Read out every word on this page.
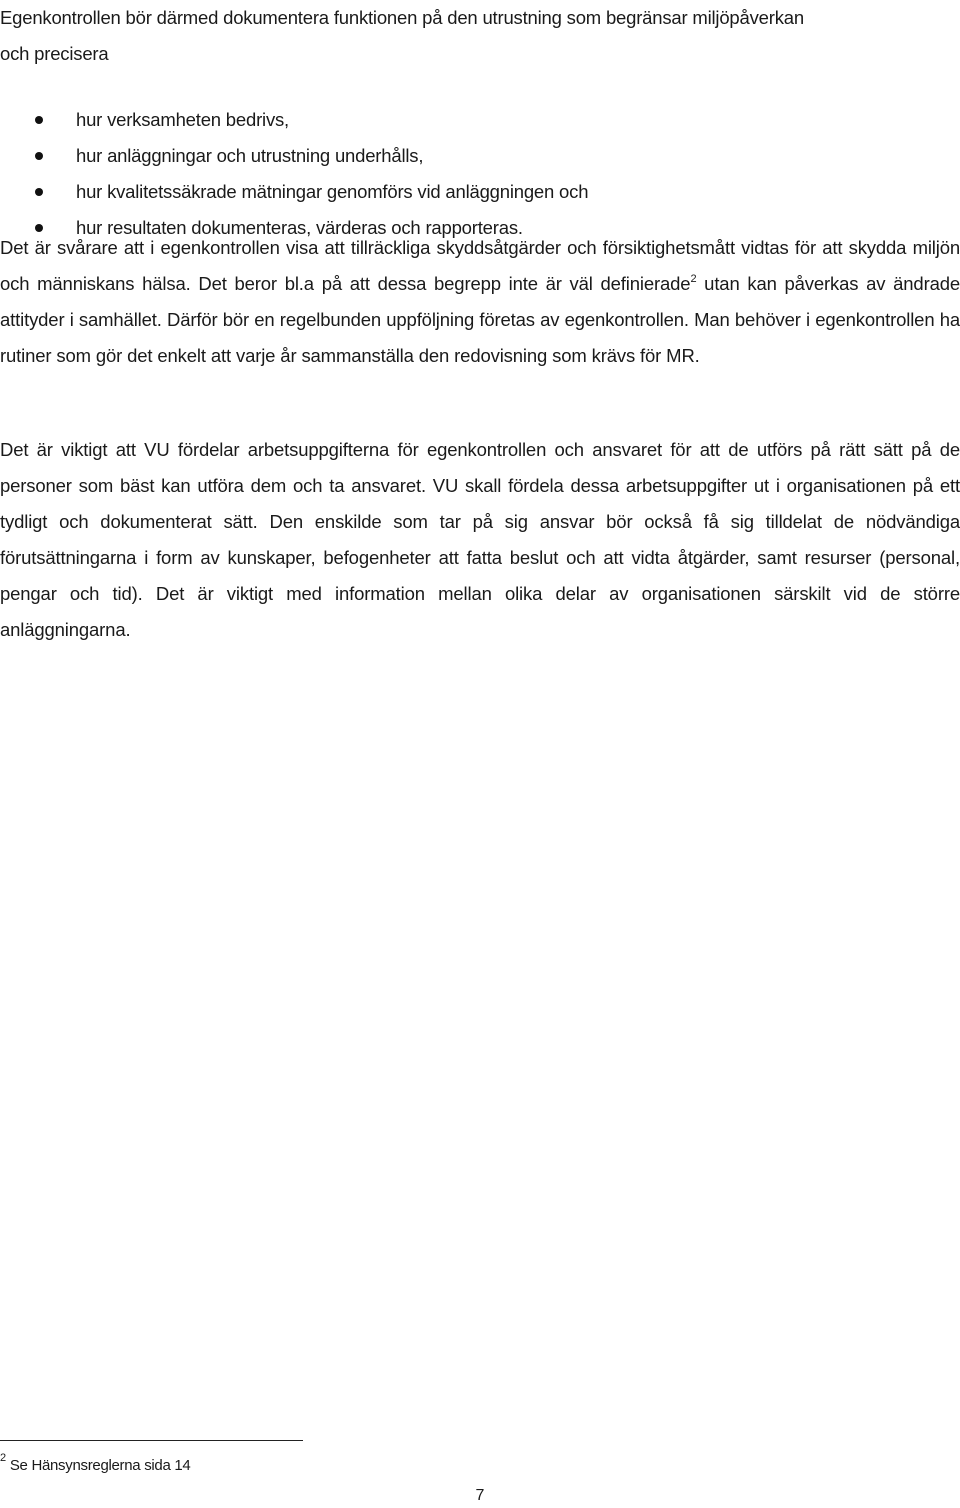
Egenkontrollen bör därmed dokumentera funktionen på den utrustning som begränsar miljöpåverkan
och precisera

hur verksamheten bedrivs,
hur anläggningar och utrustning underhålls,
hur kvalitetssäkrade mätningar genomförs vid anläggningen och
hur resultaten dokumenteras, värderas och rapporteras.

Det är svårare att i egenkontrollen visa att tillräckliga skyddsåtgärder och försiktighetsmått vidtas för att skydda miljön och människans hälsa. Det beror bl.a på att dessa begrepp inte är väl definierade$^2$ utan kan påverkas av ändrade attityder i samhället. Därför bör en regelbunden uppföljning företas av egenkontrollen. Man behöver i egenkontrollen ha rutiner som gör det enkelt att varje år sammanställa den redovisning som krävs för MR.

Det är viktigt att VU fördelar arbetsuppgifterna för egenkontrollen och ansvaret för att de utförs på rätt sätt på de personer som bäst kan utföra dem och ta ansvaret. VU skall fördela dessa arbetsuppgifter ut i organisationen på ett tydligt och dokumenterat sätt. Den enskilde som tar på sig ansvar bör också få sig tilldelat de nödvändiga förutsättningarna i form av kunskaper, befogenheter att fatta beslut och att vidta åtgärder, samt resurser (personal, pengar och tid). Det är viktigt med information mellan olika delar av organisationen särskilt vid de större anläggningarna.

$^2$ Se Hänsynsreglerna sida 14
7
